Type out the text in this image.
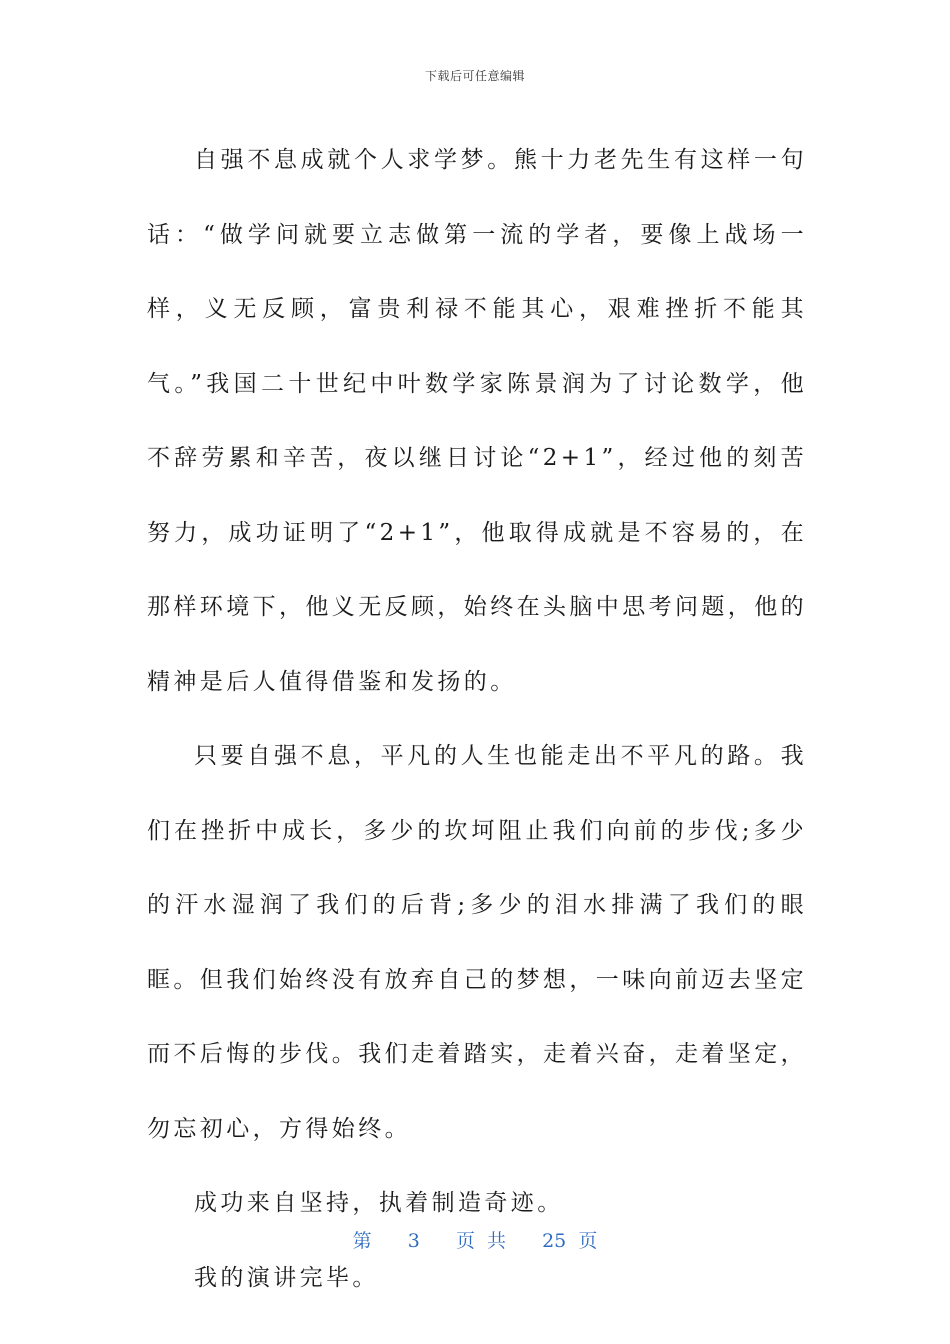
下载后可任意编辑

自强不息成就个人求学梦。熊十力老先生有这样一句话：“做学问就要立志做第一流的学者，要像上战场一样，义无反顾，富贵利禄不能其心，艰难挫折不能其气。”我国二十世纪中叶数学家陈景润为了讨论数学，他不辞劳累和辛苦，夜以继日讨论“2+1”，经过他的刻苦努力，成功证明了“2+1”，他取得成就是不容易的，在那样环境下，他义无反顾，始终在头脑中思考问题，他的精神是后人值得借鉴和发扬的。

只要自强不息，平凡的人生也能走出不平凡的路。我们在挫折中成长，多少的坎坷阻止我们向前的步伐;多少的汗水湿润了我们的后背;多少的泪水排满了我们的眼眶。但我们始终没有放弃自己的梦想，一味向前迈去坚定而不后悔的步伐。我们走着踏实，走着兴奋，走着坚定，勿忘初心，方得始终。

成功来自坚持，执着制造奇迹。

我的演讲完毕。

第 3 页 共 25 页
